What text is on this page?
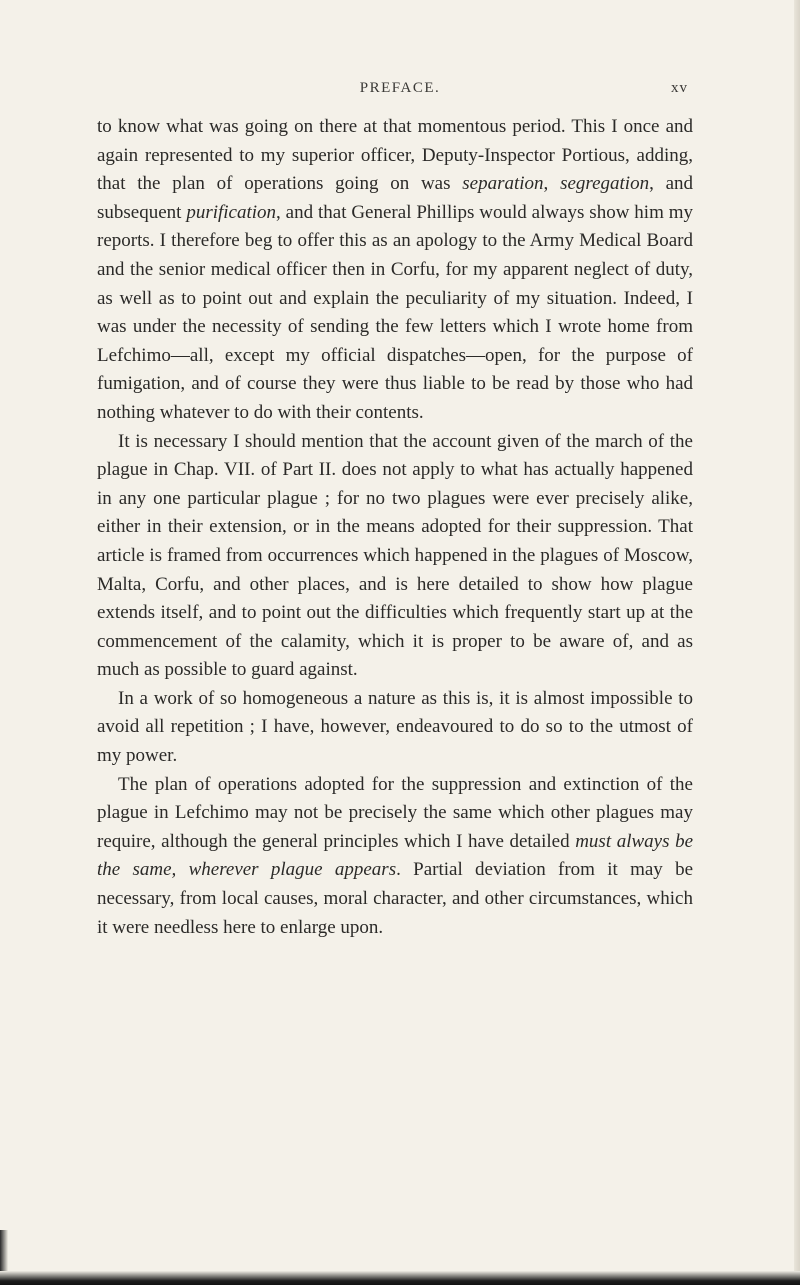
PREFACE.	xv

to know what was going on there at that momentous period. This I once and again represented to my superior officer, Deputy-Inspector Portious, adding, that the plan of operations going on was separation, segregation, and subsequent purification, and that General Phillips would always show him my reports. I therefore beg to offer this as an apology to the Army Medical Board and the senior medical officer then in Corfu, for my apparent neglect of duty, as well as to point out and explain the peculiarity of my situation. Indeed, I was under the necessity of sending the few letters which I wrote home from Lefchimo—all, except my official dispatches—open, for the purpose of fumigation, and of course they were thus liable to be read by those who had nothing whatever to do with their contents.

It is necessary I should mention that the account given of the march of the plague in Chap. VII. of Part II. does not apply to what has actually happened in any one particular plague ; for no two plagues were ever precisely alike, either in their extension, or in the means adopted for their suppression. That article is framed from occurrences which happened in the plagues of Moscow, Malta, Corfu, and other places, and is here detailed to show how plague extends itself, and to point out the difficulties which frequently start up at the commencement of the calamity, which it is proper to be aware of, and as much as possible to guard against.

In a work of so homogeneous a nature as this is, it is almost impossible to avoid all repetition ; I have, however, endeavoured to do so to the utmost of my power.

The plan of operations adopted for the suppression and extinction of the plague in Lefchimo may not be precisely the same which other plagues may require, although the general principles which I have detailed must always be the same, wherever plague appears. Partial deviation from it may be necessary, from local causes, moral character, and other circumstances, which it were needless here to enlarge upon.
